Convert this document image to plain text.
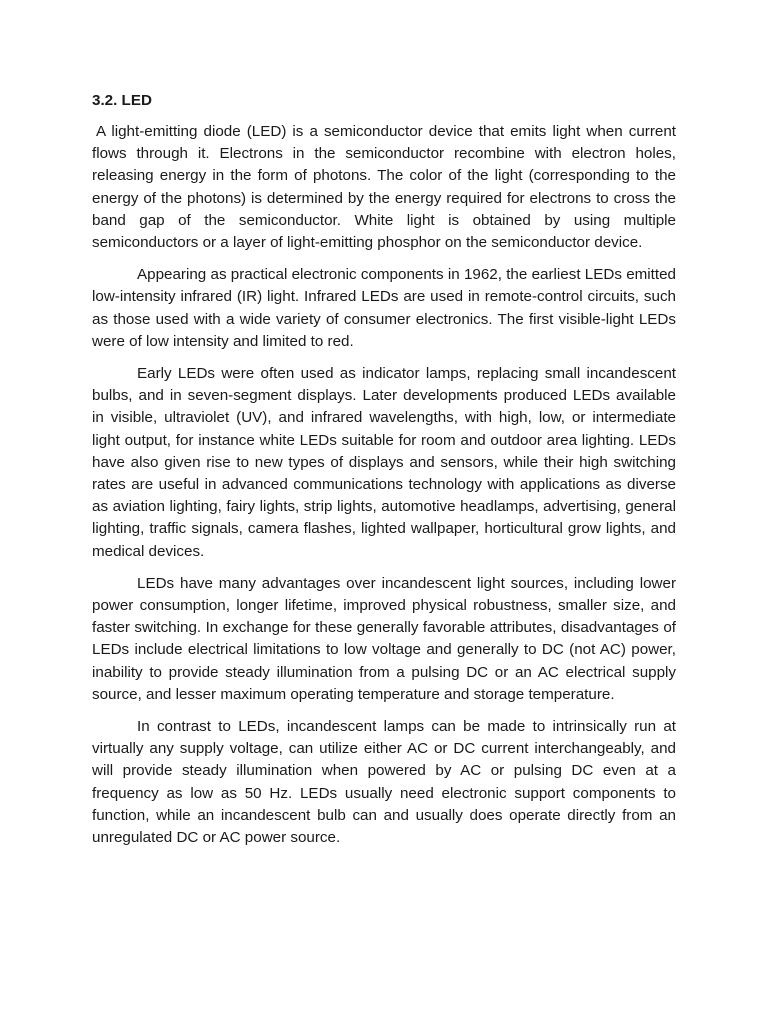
3.2. LED

A light-emitting diode (LED) is a semiconductor device that emits light when current flows through it. Electrons in the semiconductor recombine with electron holes, releasing energy in the form of photons. The color of the light (corresponding to the energy of the photons) is determined by the energy required for electrons to cross the band gap of the semiconductor. White light is obtained by using multiple semiconductors or a layer of light-emitting phosphor on the semiconductor device.

Appearing as practical electronic components in 1962, the earliest LEDs emitted low-intensity infrared (IR) light. Infrared LEDs are used in remote-control circuits, such as those used with a wide variety of consumer electronics. The first visible-light LEDs were of low intensity and limited to red.

Early LEDs were often used as indicator lamps, replacing small incandescent bulbs, and in seven-segment displays. Later developments produced LEDs available in visible, ultraviolet (UV), and infrared wavelengths, with high, low, or intermediate light output, for instance white LEDs suitable for room and outdoor area lighting. LEDs have also given rise to new types of displays and sensors, while their high switching rates are useful in advanced communications technology with applications as diverse as aviation lighting, fairy lights, strip lights, automotive headlamps, advertising, general lighting, traffic signals, camera flashes, lighted wallpaper, horticultural grow lights, and medical devices.

LEDs have many advantages over incandescent light sources, including lower power consumption, longer lifetime, improved physical robustness, smaller size, and faster switching. In exchange for these generally favorable attributes, disadvantages of LEDs include electrical limitations to low voltage and generally to DC (not AC) power, inability to provide steady illumination from a pulsing DC or an AC electrical supply source, and lesser maximum operating temperature and storage temperature.

In contrast to LEDs, incandescent lamps can be made to intrinsically run at virtually any supply voltage, can utilize either AC or DC current interchangeably, and will provide steady illumination when powered by AC or pulsing DC even at a frequency as low as 50 Hz. LEDs usually need electronic support components to function, while an incandescent bulb can and usually does operate directly from an unregulated DC or AC power source.
